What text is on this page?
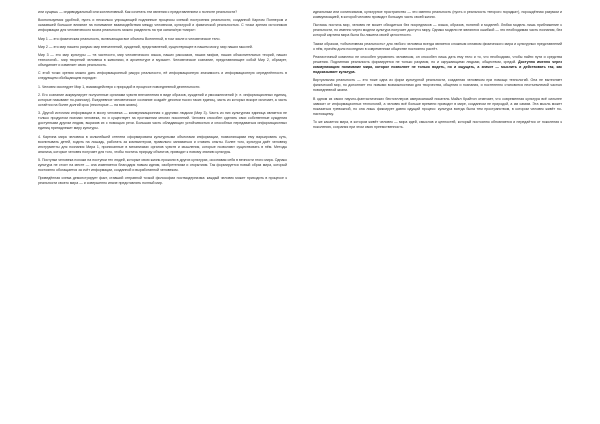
или сущешь — индивидуальный или коллективный. Как сочетать эти явления с представлением о полноте реальности?

Воспользуемся удобной, пусть и несколько упрощающей подлинные процессы схемой построения реальности, созданной Карлом Поппером и оказавшей большое влияние на понимание взаимодействия между человеком, культурой и физической реальностью. С точки зрения источников информации для человеческого мозга реальность можно разделить на три канала/три «мира»:

Мир 1 — это физическая реальность, включающая все объекты Вселенной, в том числе и человеческое тело.

Мир 2 — это мир нашего разума: мир впечатлений, суждений, представлений, существующее в нашем мозгу, мир наших мыслей.

Мир 3 — это мир культуры — «в частности, мир человеческого языка, наших рассказов, наших мифов, наших объяснительных теорий, наших технологий... мир творений человека в живописи, в архитектуре и музыке». Человеческое сознание, представляющее собой Мир 2, образует, объединяет и изменяет свою реальность.

С этой точки зрения можно дать информационный ракурс реальности, её информационную значимость и информационную определённость в следующем обобщающем порядке:

1. Человек исследует Мир 1, взаимодействуя с природой в процессе повседневной деятельности.

2. Его сознание аккумулирует полученные органами чувств впечатления в виде образов, суждений и умозаключений (т. е. информационных единиц, которые называют по-разному). Ежедневное человеческое сознание создаёт десятки тысяч таких единиц, часть из которых вскоре исчезает, а часть остаётся на более долгий срок (некоторые — на всю жизнь).

3. Другой источник информации в мозгу человека — коммуникационная с другими людьми (Мир 3). Часть из них культурная единица является не только продуктом психики человека, но и существует на протяжении многих поколений. Человек способен сделать свои собственные суждения доступными другим людям, выразив их с помощью речи. Большая часть обладающих устойчивостью и способных передаваться информационных единиц принадлежит миру культуры.

4. Картина мира человека в сильнейшей степени сформирована культурными объектами информации, позволяющими ему варьировать суть, воспитывать детей, ходить на лошадь, работать за компьютером, правильно заниматься и ставить опыты. Более того, культура даёт человеку инструменты для познания Мира 1, прописанные в механизмах органов чувств и мышления, которые позволяют существовать в нём. Методы анализа, которые человек получает для того, чтобы постичь природу объектов, приводят к новому знанию культуры.

5. Поступки человека похожи на поступки тех людей, которые свою жизнь прожили в других культурах, осознавая себя в вечности этого мира. Однако культура не стоит на месте — она изменяется благодаря новым идеям, изобретениям и открытиям. Так формируется новый образ мира, который постоянно обогащается за счёт информации, созданной и выработанной человеком.

Приведённая схема демонстрирует факт, ставший отправной точкой философии постмодернизма: каждый человек может приходить в процессе к реальности своего мира — и совершенно иначе представлять полный мир.

идеальным или солипсизмом, культурное пространство — это именно реальность (пусть и реальность «второго порядка»), порождённая разумом и коммуникацией, в которой человек проводит большую часть своей жизни.

Пытаясь постичь мир, человек не может обходиться без посредников — языка, образов, понятий и моделей. Любая модель лишь приближение к реальности, но именно через модели культура получает доступ к миру. Однако модели не являются ошибкой — это необходимая часть познания, без которой картина мира была бы лишена своей целостности.

Таким образом, «объективная реальность» для любого человека всегда является сложным сплавом физического мира и культурных представлений о нём, причём доля последних в современном обществе постоянно растёт.

Реалистичный комплекс не способен управлять человеком, он способен лишь дать ему тело и то, что необходимо, чтобы найти пути и средства решения. Подлинная реальность формируется не только разумом, но и окружающими людьми, обществом, средой. Доступно именно через коммуникацию понимание мира, которое позволяет не только видеть, но и ощущать, а значит — мыслить и действовать так, как подсказывает культура.

Виртуальная реальность — это тоже одна из форм культурной реальности, созданная человеком при помощи технологий. Она не вытесняет физический мир, но дополняет его новыми возможностями для творчества, общения и познания, и постепенно становится неотъемлемой частью повседневной жизни.

В одном из своих научно-фантастических бестселлеров американский писатель Майкл Крайтон отмечает, что современная культура всё сильнее зависит от информационных технологий, а человек всё больше времени проводит в мире, созданном не природой, а им самим. Эта мысль может показаться тревожной, но она лишь фиксирует давно идущий процесс: культура всегда была тем пространством, в котором человек живёт по-настоящему.

То же касается мира, в котором живёт человек — мира идей, смыслов и ценностей, который постоянно обновляется и передаётся от поколения к поколению, сохраняя при этом свою преемственность.
